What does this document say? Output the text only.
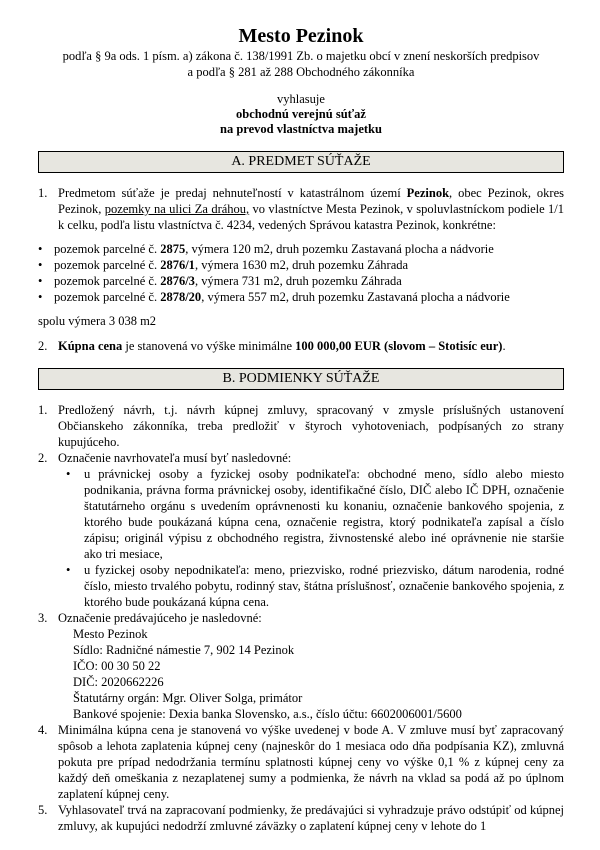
Mesto Pezinok
podľa § 9a ods. 1 písm. a) zákona č. 138/1991 Zb. o majetku obcí v znení neskorších predpisov
a podľa § 281 až 288 Obchodného zákonníka
vyhlasuje
obchodnú verejnú súťaž
na prevod vlastníctva majetku
A. PREDMET SÚŤAŽE
1. Predmetom súťaže je predaj nehnuteľností v katastrálnom území Pezinok, obec Pezinok, okres Pezinok, pozemky na ulici Za dráhou, vo vlastníctve Mesta Pezinok, v spoluvlastníckom podiele 1/1 k celku, podľa listu vlastníctva č. 4234, vedených Správou katastra Pezinok, konkrétne:
• pozemok parcelné č. 2875, výmera 120 m2, druh pozemku Zastavaná plocha a nádvorie
• pozemok parcelné č. 2876/1, výmera 1630 m2, druh pozemku Záhrada
• pozemok parcelné č. 2876/3, výmera 731 m2, druh pozemku Záhrada
• pozemok parcelné č. 2878/20, výmera 557 m2, druh pozemku Zastavaná plocha a nádvorie
spolu výmera 3 038 m2
2. Kúpna cena je stanovená vo výške minimálne 100 000,00 EUR (slovom – Stotisíc eur).
B. PODMIENKY SÚŤAŽE
1. Predložený návrh, t.j. návrh kúpnej zmluvy, spracovaný v zmysle príslušných ustanovení Občianskeho zákonníka, treba predložiť v štyroch vyhotoveniach, podpísaných zo strany kupujúceho.
2. Označenie navrhovateľa musí byť nasledovné:
•	u právnickej osoby a fyzickej osoby podnikateľa: obchodné meno, sídlo alebo miesto podnikania, právna forma právnickej osoby, identifikačné číslo, DIČ alebo IČ DPH, označenie štatutárneho orgánu s uvedením oprávnenosti ku konaniu, označenie bankového spojenia, z ktorého bude poukázaná kúpna cena, označenie registra, ktorý podnikateľa zapísal a číslo zápisu; originál výpisu z obchodného registra, živnostenské alebo iné oprávnenie nie staršie ako tri mesiace,
•	u fyzickej osoby nepodnikateľa: meno, priezvisko, rodné priezvisko, dátum narodenia, rodné číslo, miesto trvalého pobytu, rodinný stav, štátna príslušnosť, označenie bankového spojenia, z ktorého bude poukázaná kúpna cena.
3. Označenie predávajúceho je nasledovné:
Mesto Pezinok
Sídlo: Radničné námestie 7, 902 14 Pezinok
IČO: 00 30 50 22
DIČ: 2020662226
Štatutárny orgán: Mgr. Oliver Solga, primátor
Bankové spojenie: Dexia banka Slovensko, a.s., číslo účtu: 6602006001/5600
4. Minimálna kúpna cena je stanovená vo výške uvedenej v bode A. V zmluve musí byť zapracovaný spôsob a lehota zaplatenia kúpnej ceny (najneskôr do 1 mesiaca odo dňa podpísania KZ), zmluvná pokuta pre prípad nedodržania termínu splatnosti kúpnej ceny vo výške 0,1 % z kúpnej ceny za každý deň omeškania z nezaplatenej sumy a podmienka, že návrh na vklad sa podá až po úplnom zaplatení kúpnej ceny.
5. Vyhlasovateľ trvá na zapracovaní podmienky, že predávajúci si vyhradzuje právo odstúpiť od kúpnej zmluvy, ak kupujúci nedodrží zmluvné záväzky o zaplatení kúpnej ceny v lehote do 1
